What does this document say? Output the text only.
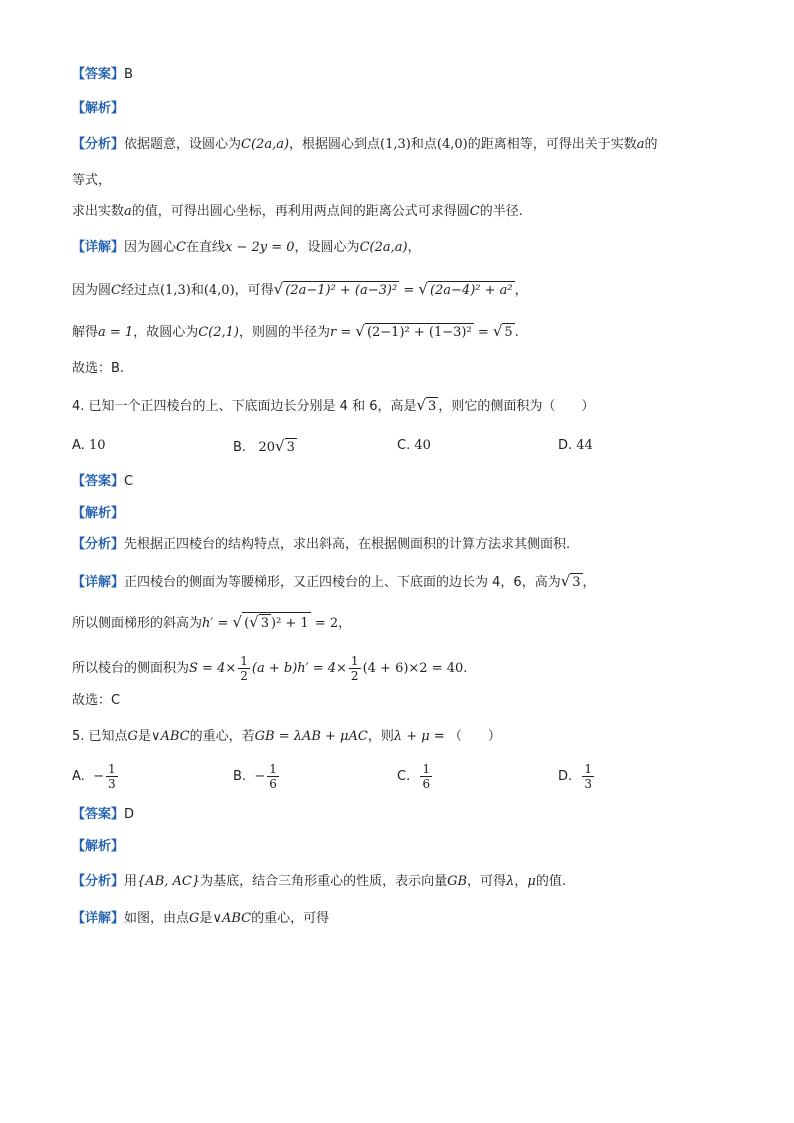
【答案】B
【解析】
【分析】依据题意，设圆心为C(2a,a)，根据圆心到点(1,3)和点(4,0)的距离相等，可得出关于实数a的
等式，
求出实数a的值，可得出圆心坐标，再利用两点间的距离公式可求得圆C的半径.
【详解】因为圆心C在直线x − 2y = 0，设圆心为C(2a,a)，
因为圆C经过点(1,3)和(4,0)，可得√ (2a−1)² + (a−3)² = √ (2a−4)² + a² ，
解得a = 1，故圆心为C(2,1)，则圆的半径为r = √ (2−1)² + (1−3)² = √ 5 .
故选：B.
4. 已知一个正四棱台的上、下底面边长分别是 4 和 6，高是√ 3 ，则它的侧面积为（　　）
A. 10	B. 20√ 3	C. 40	D. 44
【答案】C
【解析】
【分析】先根据正四棱台的结构特点，求出斜高，在根据侧面积的计算方法求其侧面积.
【详解】正四棱台的侧面为等腰梯形，又正四棱台的上、下底面的边长为 4，6，高为√ 3 ，
所以侧面梯形的斜高为h′ = √ (√ 3 )² + 1 = 2，
所以棱台的侧面积为$S = 4\times \frac{1}{2} (a + b)h' = 4\times \frac{1}{2} (4 + 6)\times 2 = 40$.
故选：C
5. 已知点G是∨ABC的重心，若GB = λAB + μAC，则λ + μ = （　　）
A. − $\frac{1}{3}$	B. − $\frac{1}{6}$	C. $\frac{1}{6}$	D. $\frac{1}{3}$
【答案】D
【解析】
【分析】用{AB, AC}为基底，结合三角形重心的性质，表示向量GB，可得λ，μ的值.
【详解】如图，由点G是∨ABC的重心，可得
